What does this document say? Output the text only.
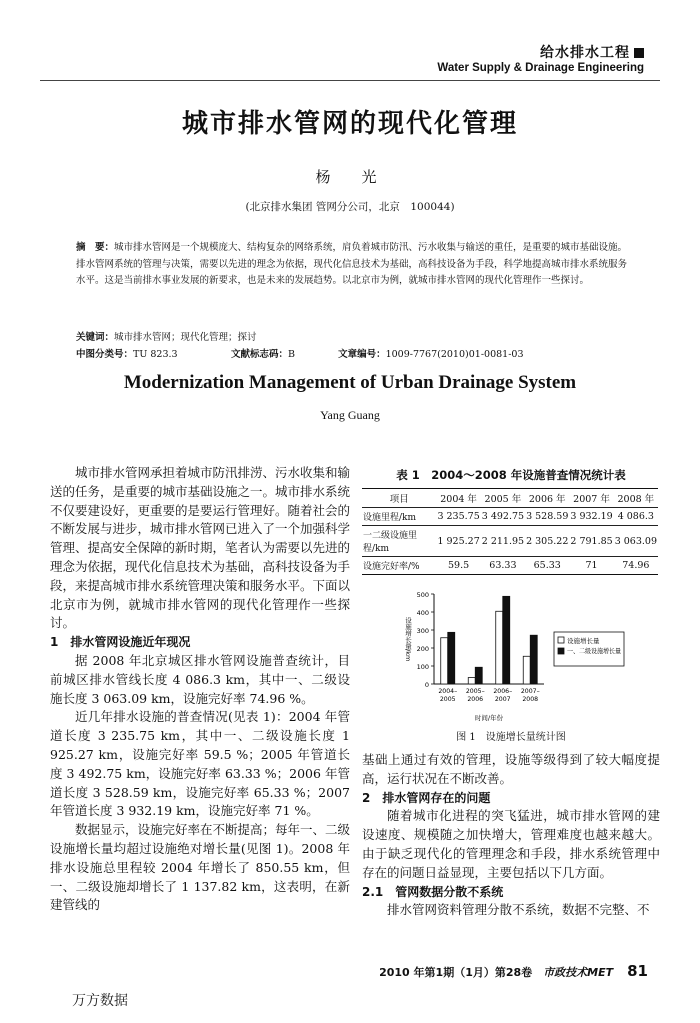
给水排水工程
Water Supply & Drainage Engineering
城市排水管网的现代化管理
杨　光
(北京排水集团 管网分公司，北京　100044)
摘　要：城市排水管网是一个规模庞大、结构复杂的网络系统，肩负着城市防汛、污水收集与输送的重任，是重要的城市基础设施。排水管网系统的管理与决策，需要以先进的理念为依据，现代化信息技术为基础，高科技设备为手段，科学地提高城市排水系统服务水平。这是当前排水事业发展的新要求，也是未来的发展趋势。以北京市为例，就城市排水管网的现代化管理作一些探讨。
关键词：城市排水管网；现代化管理；探讨
中图分类号：TU 823.3	文献标志码：B	文章编号：1009-7767(2010)01-0081-03
Modernization Management of Urban Drainage System
Yang Guang

城市排水管网承担着城市防汛排涝、污水收集和输送的任务，是重要的城市基础设施之一。城市排水系统不仅要建设好，更重要的是要运行管理好。随着社会的不断发展与进步，城市排水管网已进入了一个加强科学管理、提高安全保障的新时期，笔者认为需要以先进的理念为依据，现代化信息技术为基础，高科技设备为手段，来提高城市排水系统管理决策和服务水平。下面以北京市为例，就城市排水管网的现代化管理作一些探讨。

1　排水管网设施近年现况

据 2008 年北京城区排水管网设施普查统计，目前城区排水管线长度 4 086.3 km，其中一、二级设施长度 3 063.09 km，设施完好率 74.96 %。

近几年排水设施的普查情况(见表 1)：2004 年管道长度 3 235.75 km，其中一、二级设施长度 1 925.27 km，设施完好率 59.5 %；2005 年管道长度 3 492.75 km，设施完好率 63.33 %；2006 年管道长度 3 528.59 km，设施完好率 65.33 %；2007 年管道长度 3 932.19 km，设施完好率 71 %。

数据显示，设施完好率在不断提高；每年一、二级设施增长量均超过设施绝对增长量(见图 1)。2008 年排水设施总里程较 2004 年增长了 850.55 km，但一、二级设施却增长了 1 137.82 km，这表明，在新建管线的

基础上通过有效的管理，设施等级得到了较大幅度提高，运行状况在不断改善。

2　排水管网存在的问题

随着城市化进程的突飞猛进，城市排水管网的建设速度、规模随之加快增大，管理难度也越来越大。由于缺乏现代化的管理理念和手段，排水系统管理中存在的问题日益显现，主要包括以下几方面。

2.1　管网数据分散不系统

排水管网资料管理分散不系统，数据不完整、不

表 1　2004～2008 年设施普查情况统计表
项目	2004 年	2005 年	2006 年	2007 年	2008 年
设施里程/km	3 235.75	3 492.75	3 528.59	3 932.19	4 086.3
一二级设施里程/km	1 925.27	2 211.95	2 305.22	2 791.85	3 063.09
设施完好率/%	59.5	63.33	65.33	71	74.96
0
100
200
300
400
500
设施增长量/km
2004–
2005
2005–
2006
2006–
2007
2007–
2008
时间/年份
设施增长量
一、二级设施增长量
图 1　设施增长量统计图
2010 年第1期（1月）第28卷　 市政技术MET 81
万方数据
